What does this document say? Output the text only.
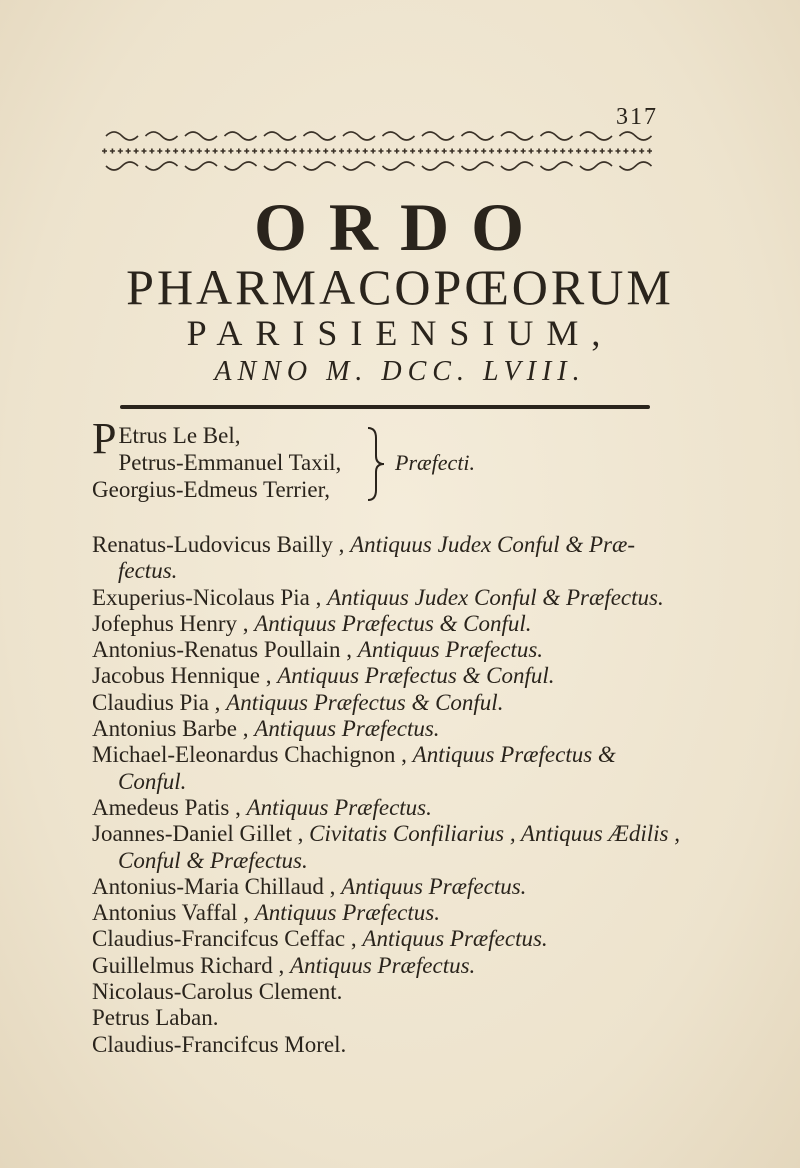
317
ORDO
PHARMACOPŒORUM
PARISIENSIUM,
ANNO M. DCC. LVIII.
P Etrus Le Bel,
Petrus-Emmanuel Taxil,
Georgius-Edmeus Terrier,
Præfecti.
Renatus-Ludovicus Bailly , Antiquus Judex Conful & Præ-
fectus.
Exuperius-Nicolaus Pia , Antiquus Judex Conful & Præfectus.
Jofephus Henry , Antiquus Præfectus & Conful.
Antonius-Renatus Poullain , Antiquus Præfectus.
Jacobus Hennique , Antiquus Præfectus & Conful.
Claudius Pia , Antiquus Præfectus & Conful.
Antonius Barbe , Antiquus Præfectus.
Michael-Eleonardus Chachignon , Antiquus Præfectus &
Conful.
Amedeus Patis , Antiquus Præfectus.
Joannes-Daniel Gillet , Civitatis Confiliarius , Antiquus Ædilis ,
Conful & Præfectus.
Antonius-Maria Chillaud , Antiquus Præfectus.
Antonius Vaffal , Antiquus Præfectus.
Claudius-Francifcus Ceffac , Antiquus Præfectus.
Guillelmus Richard , Antiquus Præfectus.
Nicolaus-Carolus Clement.
Petrus Laban.
Claudius-Francifcus Morel.
